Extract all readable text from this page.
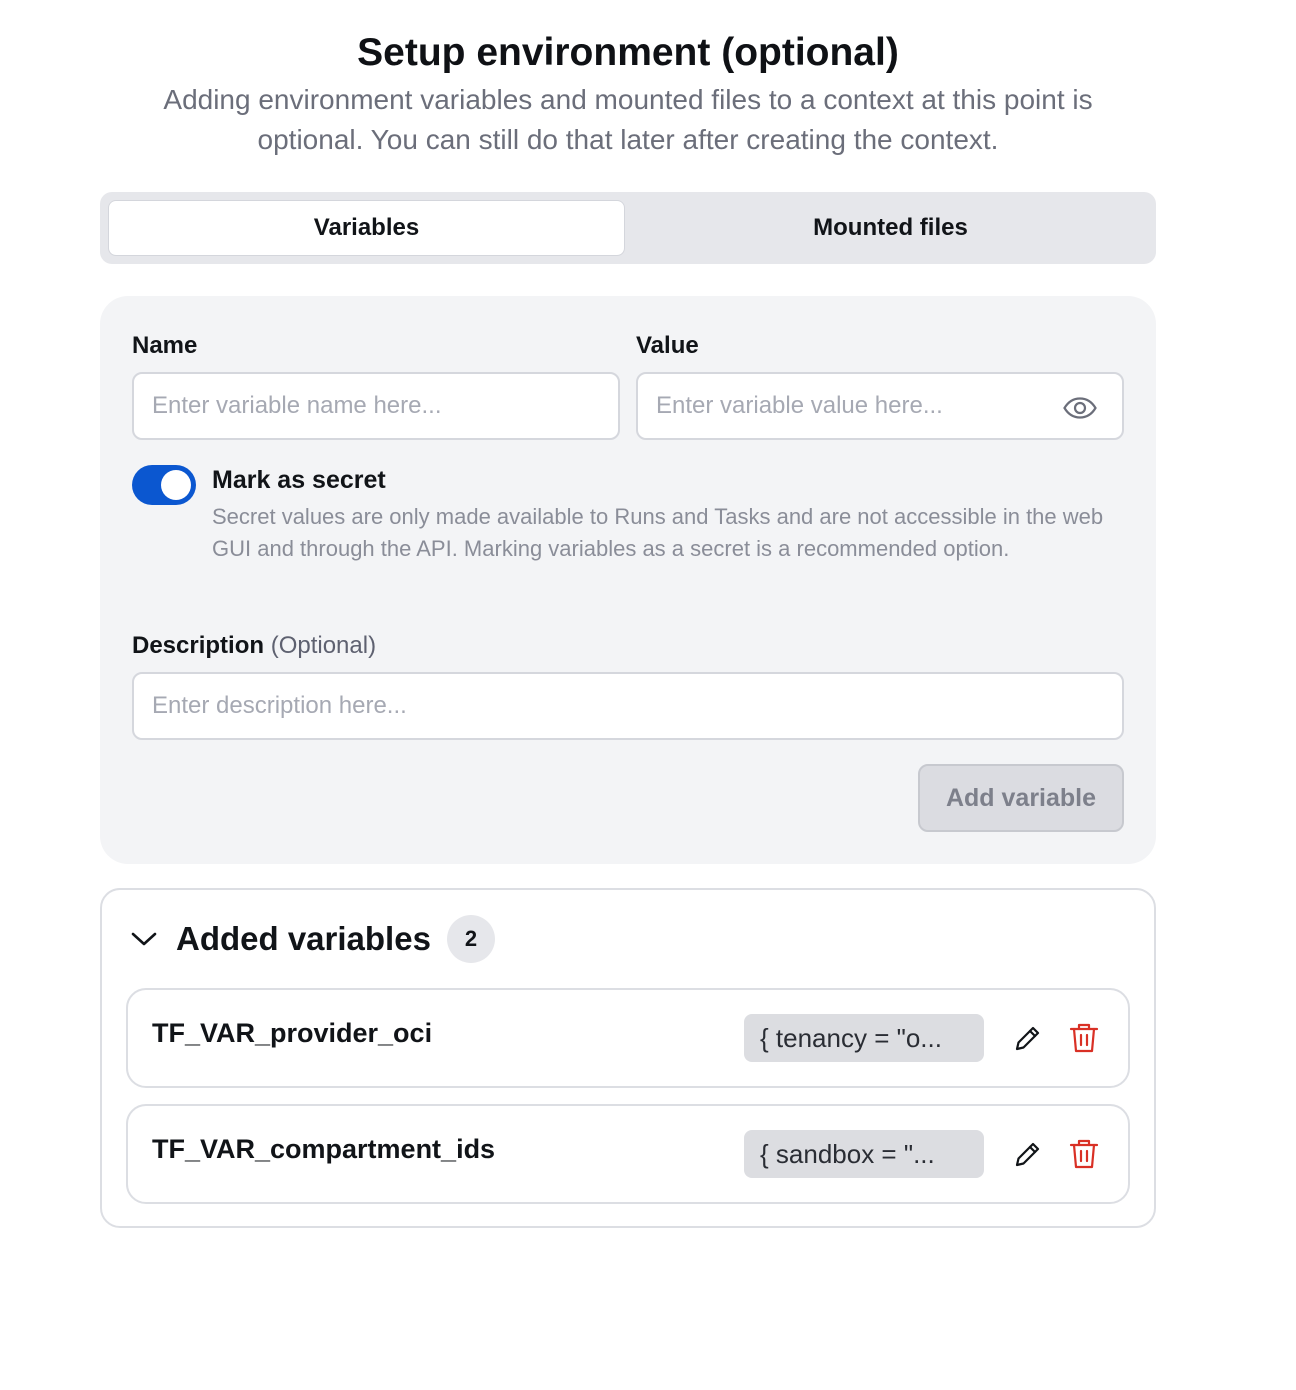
Setup environment (optional)

Adding environment variables and mounted files to a context at this point is optional. You can still do that later after creating the context.

Variables	Mounted files
Name
Enter variable name here...	Value
Enter variable value here...
Mark as secret

Secret values are only made available to Runs and Tasks and are not accessible in the web GUI and through the API. Marking variables as a secret is a recommended option.

Description (Optional)
Enter description here...
Add variable
Added variables	2
TF_VAR_provider_oci	{ tenancy = "o...
TF_VAR_compartment_ids	{ sandbox = "...
